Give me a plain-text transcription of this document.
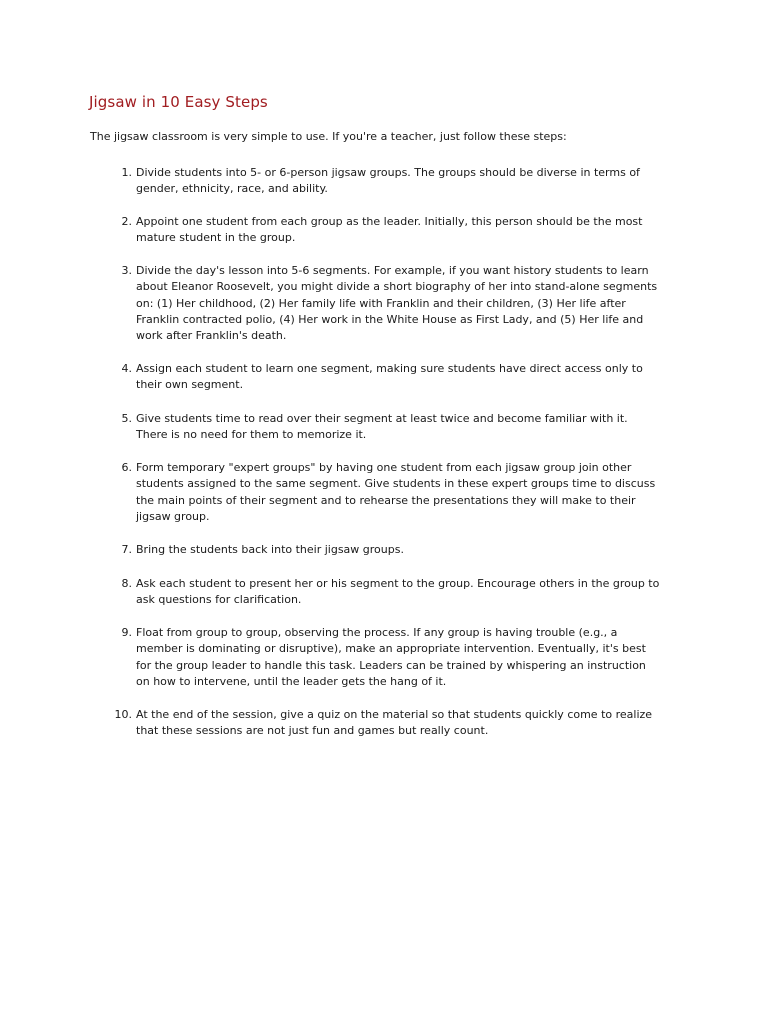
Jigsaw in 10 Easy Steps

The jigsaw classroom is very simple to use. If you're a teacher, just follow these steps:

1. Divide students into 5- or 6-person jigsaw groups. The groups should be diverse in terms of
gender, ethnicity, race, and ability.
2. Appoint one student from each group as the leader. Initially, this person should be the most
mature student in the group.
3. Divide the day's lesson into 5-6 segments. For example, if you want history students to learn
about Eleanor Roosevelt, you might divide a short biography of her into stand-alone segments
on: (1) Her childhood, (2) Her family life with Franklin and their children, (3) Her life after
Franklin contracted polio, (4) Her work in the White House as First Lady, and (5) Her life and
work after Franklin's death.
4. Assign each student to learn one segment, making sure students have direct access only to
their own segment.
5. Give students time to read over their segment at least twice and become familiar with it.
There is no need for them to memorize it.
6. Form temporary "expert groups" by having one student from each jigsaw group join other
students assigned to the same segment. Give students in these expert groups time to discuss
the main points of their segment and to rehearse the presentations they will make to their
jigsaw group.
7. Bring the students back into their jigsaw groups.
8. Ask each student to present her or his segment to the group. Encourage others in the group to
ask questions for clarification.
9. Float from group to group, observing the process. If any group is having trouble (e.g., a
member is dominating or disruptive), make an appropriate intervention. Eventually, it's best
for the group leader to handle this task. Leaders can be trained by whispering an instruction
on how to intervene, until the leader gets the hang of it.
10. At the end of the session, give a quiz on the material so that students quickly come to realize
that these sessions are not just fun and games but really count.
